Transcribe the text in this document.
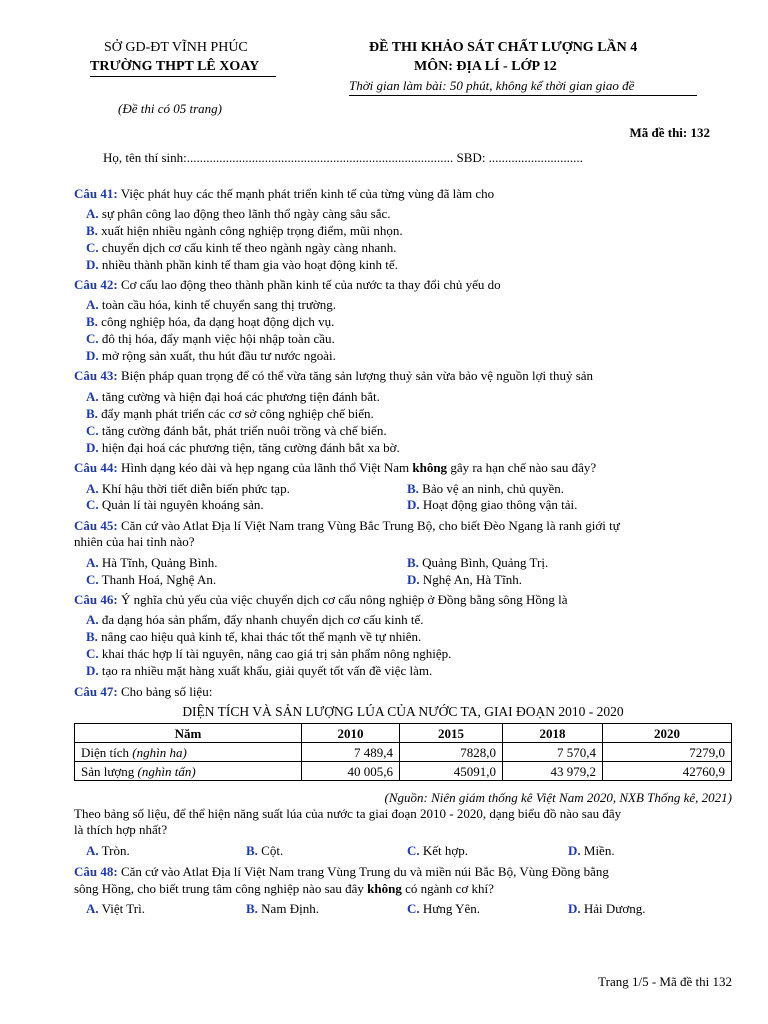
SỞ GD-ĐT VĨNH PHÚC
TRƯỜNG THPT LÊ XOAY
(Đề thi có 05 trang)
ĐỀ THI KHẢO SÁT CHẤT LƯỢNG LẦN 4
MÔN: ĐỊA LÍ - LỚP 12
Thời gian làm bài: 50 phút, không kể thời gian giao đề
Mã đề thi: 132
Họ, tên thí sinh:.................................................................................. SBD: .............................
Câu 41: Việc phát huy các thế mạnh phát triển kinh tế của từng vùng đã làm cho
A. sự phân công lao động theo lãnh thổ ngày càng sâu sắc.
B. xuất hiện nhiều ngành công nghiệp trọng điểm, mũi nhọn.
C. chuyển dịch cơ cấu kinh tế theo ngành ngày càng nhanh.
D. nhiều thành phần kinh tế tham gia vào hoạt động kinh tế.
Câu 42: Cơ cấu lao động theo thành phần kinh tế của nước ta thay đổi chủ yếu do
A. toàn cầu hóa, kinh tế chuyển sang thị trường.
B. công nghiệp hóa, đa dạng hoạt động dịch vụ.
C. đô thị hóa, đẩy mạnh việc hội nhập toàn cầu.
D. mở rộng sản xuất, thu hút đầu tư nước ngoài.
Câu 43: Biện pháp quan trọng để có thể vừa tăng sản lượng thuỷ sản vừa bảo vệ nguồn lợi thuỷ sản
A. tăng cường và hiện đại hoá các phương tiện đánh bắt.
B. đẩy mạnh phát triển các cơ sở công nghiệp chế biến.
C. tăng cường đánh bắt, phát triển nuôi trồng và chế biến.
D. hiện đại hoá các phương tiện, tăng cường đánh bắt xa bờ.
Câu 44: Hình dạng kéo dài và hẹp ngang của lãnh thổ Việt Nam không gây ra hạn chế nào sau đây?
A. Khí hậu thời tiết diễn biến phức tạp.	B. Bảo vệ an ninh, chủ quyền.
C. Quản lí tài nguyên khoáng sản.	D. Hoạt động giao thông vận tải.
Câu 45: Căn cứ vào Atlat Địa lí Việt Nam trang Vùng Bắc Trung Bộ, cho biết Đèo Ngang là ranh giới tự
nhiên của hai tỉnh nào?
A. Hà Tĩnh, Quảng Bình.	B. Quảng Bình, Quảng Trị.
C. Thanh Hoá, Nghệ An.	D. Nghệ An, Hà Tĩnh.
Câu 46: Ý nghĩa chủ yếu của việc chuyển dịch cơ cấu nông nghiệp ở Đồng bằng sông Hồng là
A. đa dạng hóa sản phẩm, đẩy nhanh chuyển dịch cơ cấu kinh tế.
B. nâng cao hiệu quả kinh tế, khai thác tốt thế mạnh về tự nhiên.
C. khai thác hợp lí tài nguyên, nâng cao giá trị sản phẩm nông nghiệp.
D. tạo ra nhiều mặt hàng xuất khẩu, giải quyết tốt vấn đề việc làm.
Câu 47: Cho bảng số liệu:
DIỆN TÍCH VÀ SẢN LƯỢNG LÚA CỦA NƯỚC TA, GIAI ĐOẠN 2010 - 2020
Năm	2010	2015	2018	2020
Diện tích (nghìn ha)	7 489,4	7828,0	7 570,4	7279,0
Sản lượng (nghìn tấn)	40 005,6	45091,0	43 979,2	42760,9
(Nguồn: Niên giám thống kê Việt Nam 2020, NXB Thống kê, 2021)
Theo bảng số liệu, để thể hiện năng suất lúa của nước ta giai đoạn 2010 - 2020, dạng biểu đồ nào sau đây
là thích hợp nhất?
A. Tròn.	B. Cột.	C. Kết hợp.	D. Miền.
Câu 48: Căn cứ vào Atlat Địa lí Việt Nam trang Vùng Trung du và miền núi Bắc Bộ, Vùng Đồng bằng
sông Hồng, cho biết trung tâm công nghiệp nào sau đây không có ngành cơ khí?
A. Việt Trì.	B. Nam Định.	C. Hưng Yên.	D. Hải Dương.
Trang 1/5 - Mã đề thi 132
